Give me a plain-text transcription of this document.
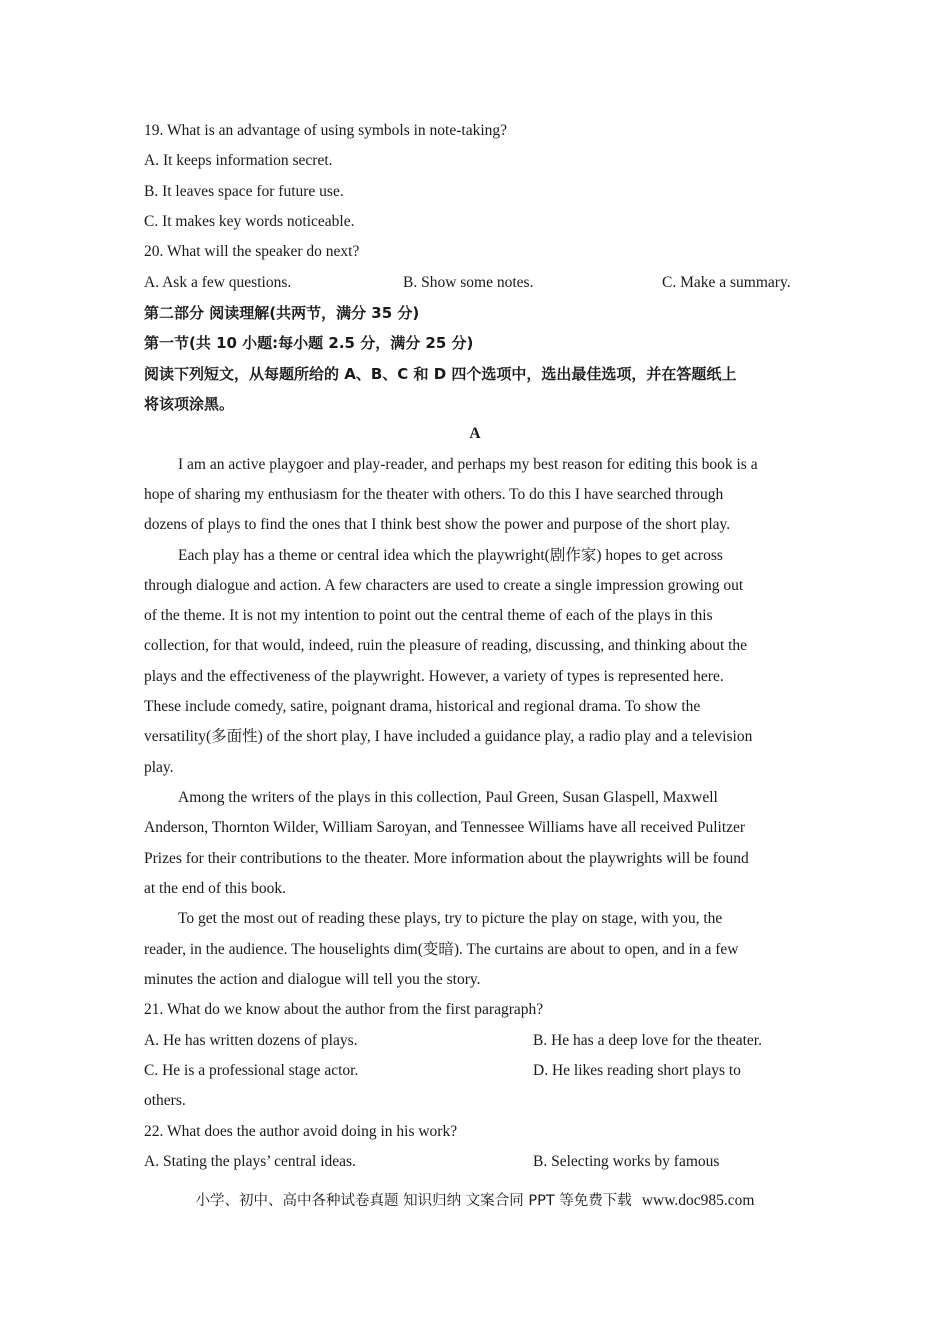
19. What is an advantage of using symbols in note-taking?
A. It keeps information secret.
B. It leaves space for future use.
C. It makes key words noticeable.
20. What will the speaker do next?
A. Ask a few questions.	B. Show some notes.	C. Make a summary.
第二部分 阅读理解(共两节，满分 35 分)
第一节(共 10 小题:每小题 2.5 分，满分 25 分)
阅读下列短文，从每题所给的 A、B、C 和 D 四个选项中，选出最佳选项，并在答题纸上
将该项涂黑。
A
I am an active playgoer and play-reader, and perhaps my best reason for editing this book is a
hope of sharing my enthusiasm for the theater with others. To do this I have searched through
dozens of plays to find the ones that I think best show the power and purpose of the short play.
Each play has a theme or central idea which the playwright(剧作家) hopes to get across
through dialogue and action. A few characters are used to create a single impression growing out
of the theme. It is not my intention to point out the central theme of each of the plays in this
collection, for that would, indeed, ruin the pleasure of reading, discussing, and thinking about the
plays and the effectiveness of the playwright. However, a variety of types is represented here.
These include comedy, satire, poignant drama, historical and regional drama. To show the
versatility(多面性) of the short play, I have included a guidance play, a radio play and a television
play.
Among the writers of the plays in this collection, Paul Green, Susan Glaspell, Maxwell
Anderson, Thornton Wilder, William Saroyan, and Tennessee Williams have all received Pulitzer
Prizes for their contributions to the theater. More information about the playwrights will be found
at the end of this book.
To get the most out of reading these plays, try to picture the play on stage, with you, the
reader, in the audience. The houselights dim(变暗). The curtains are about to open, and in a few
minutes the action and dialogue will tell you the story.
21. What do we know about the author from the first paragraph?
A. He has written dozens of plays.	B. He has a deep love for the theater.
C. He is a professional stage actor.	D. He likes reading short plays to
others.
22. What does the author avoid doing in his work?
A. Stating the plays’ central ideas.	B. Selecting works by famous
小学、初中、高中各种试卷真题 知识归纳 文案合同 PPT 等免费下载 www.doc985.com
